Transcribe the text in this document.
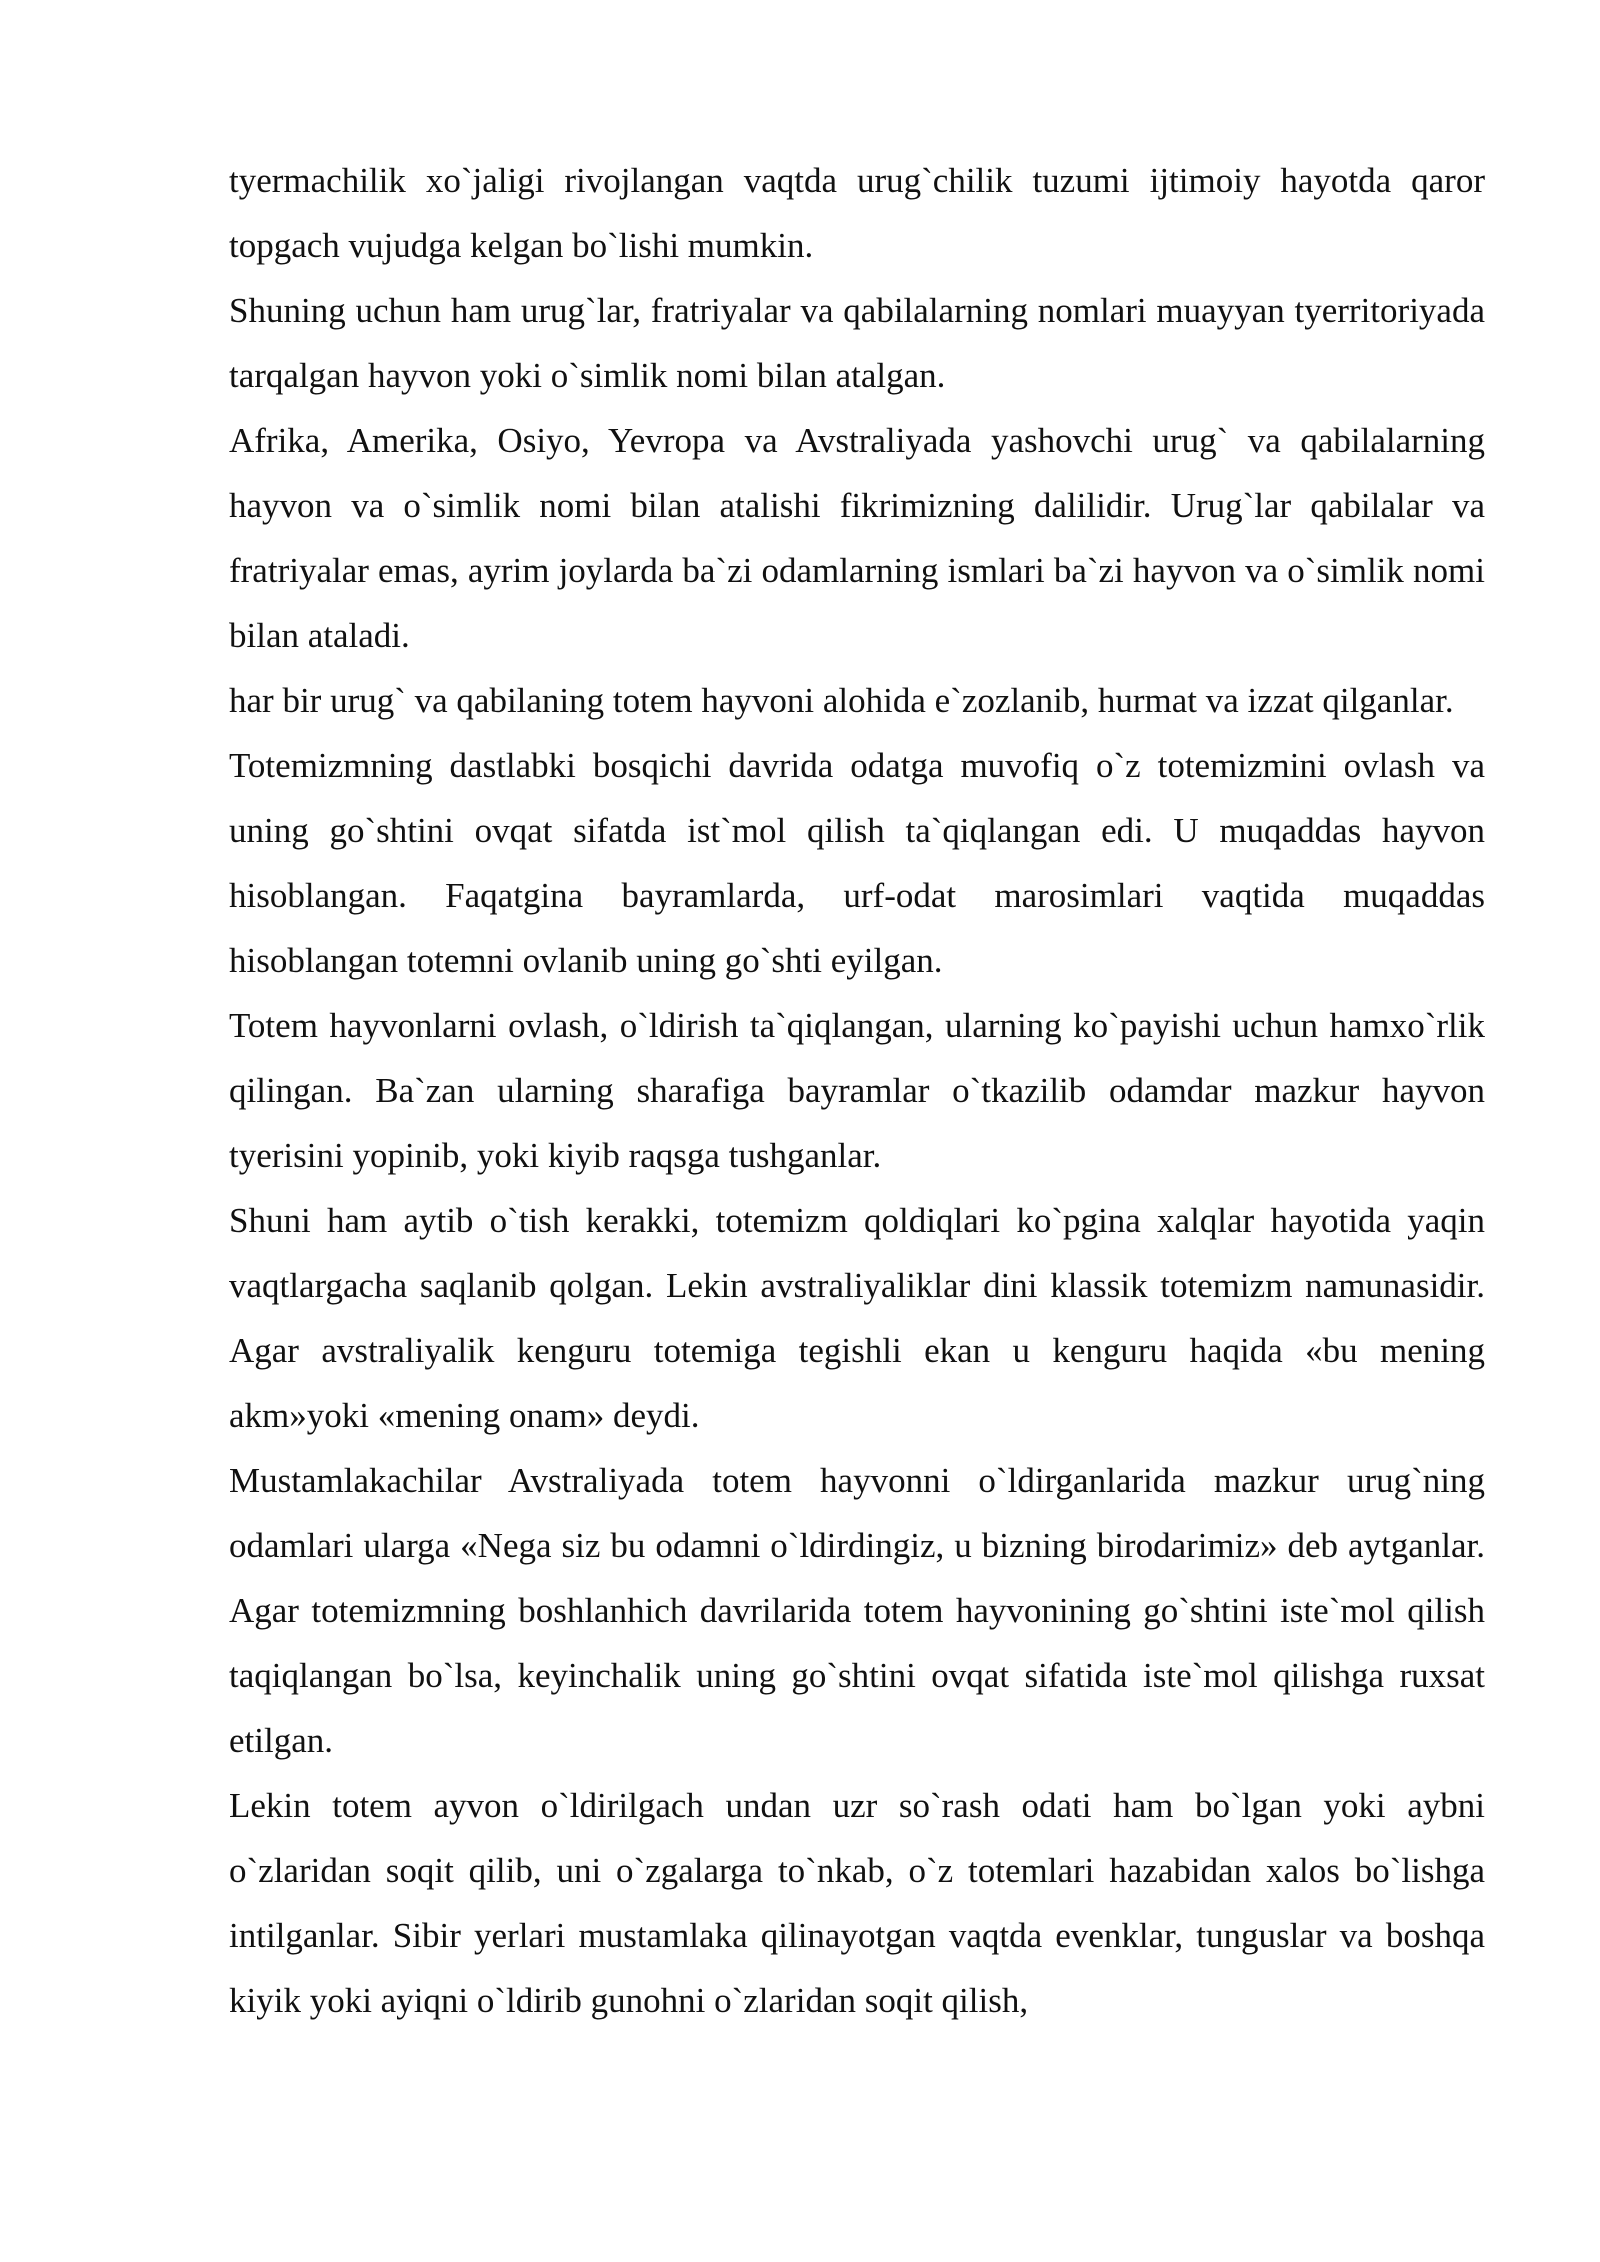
tyermachilik xo`jaligi rivojlangan vaqtda urug`chilik tuzumi ijtimoiy hayotda qaror topgach vujudga kelgan bo`lishi mumkin.

Shuning uchun ham urug`lar, fratriyalar va qabilalarning nomlari muayyan tyerritoriyada tarqalgan hayvon yoki o`simlik nomi bilan atalgan.

Afrika, Amerika, Osiyo, Yevropa va Avstraliyada yashovchi urug` va qabilalarning hayvon va o`simlik nomi bilan atalishi fikrimizning dalilidir. Urug`lar qabilalar va fratriyalar emas, ayrim joylarda ba`zi odamlarning ismlari ba`zi hayvon va o`simlik nomi bilan ataladi.

har bir urug` va qabilaning totem hayvoni alohida e`zozlanib, hurmat va izzat qilganlar.

Totemizmning dastlabki bosqichi davrida odatga muvofiq o`z totemizmini ovlash va uning go`shtini ovqat sifatda ist`mol qilish ta`qiqlangan edi. U muqaddas hayvon hisoblangan. Faqatgina bayramlarda, urf-odat marosimlari vaqtida muqaddas hisoblangan totemni ovlanib uning go`shti eyilgan.

Totem hayvonlarni ovlash, o`ldirish ta`qiqlangan, ularning ko`payishi uchun hamxo`rlik qilingan. Ba`zan ularning sharafiga bayramlar o`tkazilib odamdar mazkur hayvon tyerisini yopinib, yoki kiyib raqsga tushganlar.

Shuni ham aytib o`tish kerakki, totemizm qoldiqlari ko`pgina xalqlar hayotida yaqin vaqtlargacha saqlanib qolgan. Lekin avstraliyaliklar dini klassik totemizm namunasidir. Agar avstraliyalik kenguru totemiga tegishli ekan u kenguru haqida «bu mening akm»yoki «mening onam» deydi.

Mustamlakachilar Avstraliyada totem hayvonni o`ldirganlarida mazkur urug`ning odamlari ularga «Nega siz bu odamni o`ldirdingiz, u bizning birodarimiz» deb aytganlar. Agar totemizmning boshlanhich davrilarida totem hayvonining go`shtini iste`mol qilish taqiqlangan bo`lsa, keyinchalik uning go`shtini ovqat sifatida iste`mol qilishga ruxsat etilgan.

Lekin totem ayvon o`ldirilgach undan uzr so`rash odati ham bo`lgan yoki aybni o`zlaridan soqit qilib, uni o`zgalarga to`nkab, o`z totemlari hazabidan xalos bo`lishga intilganlar. Sibir yerlari mustamlaka qilinayotgan vaqtda evenklar, tunguslar va boshqa kiyik yoki ayiqni o`ldirib gunohni o`zlaridan soqit qilish,
